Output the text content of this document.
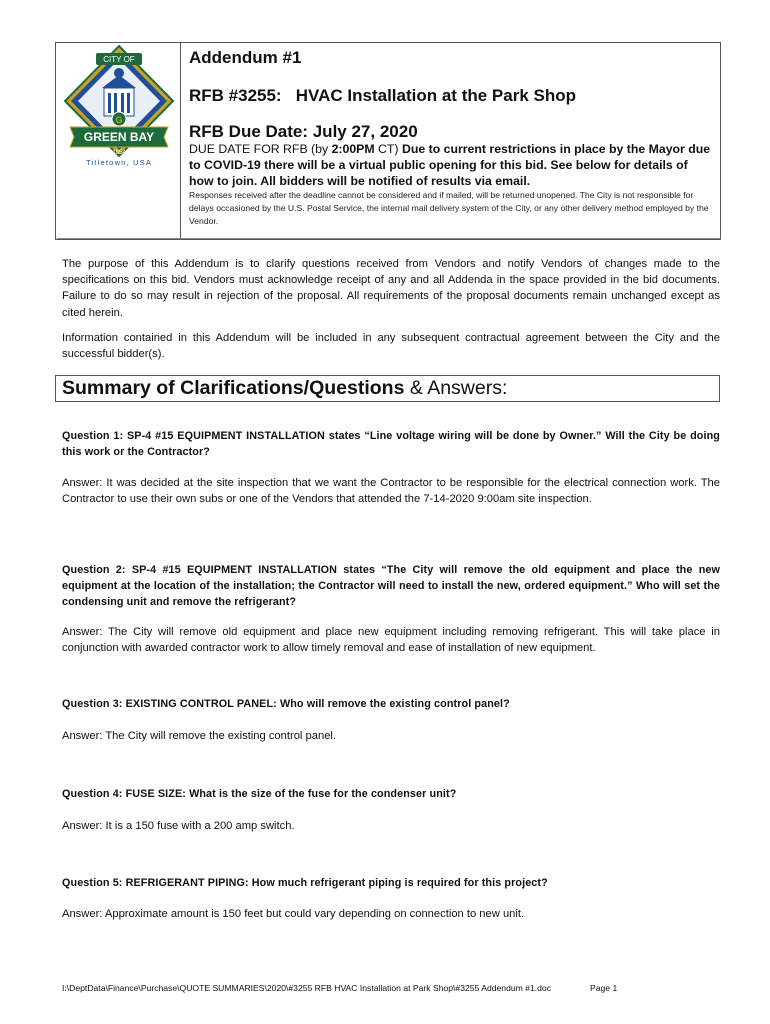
CITY OF
G
GREEN BAY
1854
Titletown, USA
Addendum #1
RFB #3255:   HVAC Installation at the Park Shop
RFB Due Date: July 27, 2020
DUE DATE FOR RFB (by 2:00PM CT) Due to current restrictions in place by the Mayor due to COVID-19 there will be a virtual public opening for this bid. See below for details of how to join. All bidders will be notified of results via email.
Responses received after the deadline cannot be considered and if mailed, will be returned unopened. The City is not responsible for delays occasioned by the U.S. Postal Service, the internal mail delivery system of the City, or any other delivery method employed by the Vendor.
The purpose of this Addendum is to clarify questions received from Vendors and notify Vendors of changes made to the specifications on this bid. Vendors must acknowledge receipt of any and all Addenda in the space provided in the bid documents. Failure to do so may result in rejection of the proposal. All requirements of the proposal documents remain unchanged except as cited herein.
Information contained in this Addendum will be included in any subsequent contractual agreement between the City and the successful bidder(s).
Summary of Clarifications/Questions & Answers:
Question 1: SP-4 #15 EQUIPMENT INSTALLATION states “Line voltage wiring will be done by Owner.” Will the City be doing this work or the Contractor?
Answer: It was decided at the site inspection that we want the Contractor to be responsible for the electrical connection work. The Contractor to use their own subs or one of the Vendors that attended the 7-14-2020 9:00am site inspection.
Question 2: SP-4 #15 EQUIPMENT INSTALLATION states “The City will remove the old equipment and place the new equipment at the location of the installation; the Contractor will need to install the new, ordered equipment.” Who will set the condensing unit and remove the refrigerant?
Answer: The City will remove old equipment and place new equipment including removing refrigerant. This will take place in conjunction with awarded contractor work to allow timely removal and ease of installation of new equipment.
Question 3: EXISTING CONTROL PANEL: Who will remove the existing control panel?
Answer: The City will remove the existing control panel.
Question 4: FUSE SIZE: What is the size of the fuse for the condenser unit?
Answer: It is a 150 fuse with a 200 amp switch.
Question 5: REFRIGERANT PIPING: How much refrigerant piping is required for this project?
Answer: Approximate amount is 150 feet but could vary depending on connection to new unit.
I:\DeptData\Finance\Purchase\QUOTE SUMMARIES\2020\#3255 RFB HVAC Installation at Park Shop\#3255 Addendum #1.doc	Page 1
